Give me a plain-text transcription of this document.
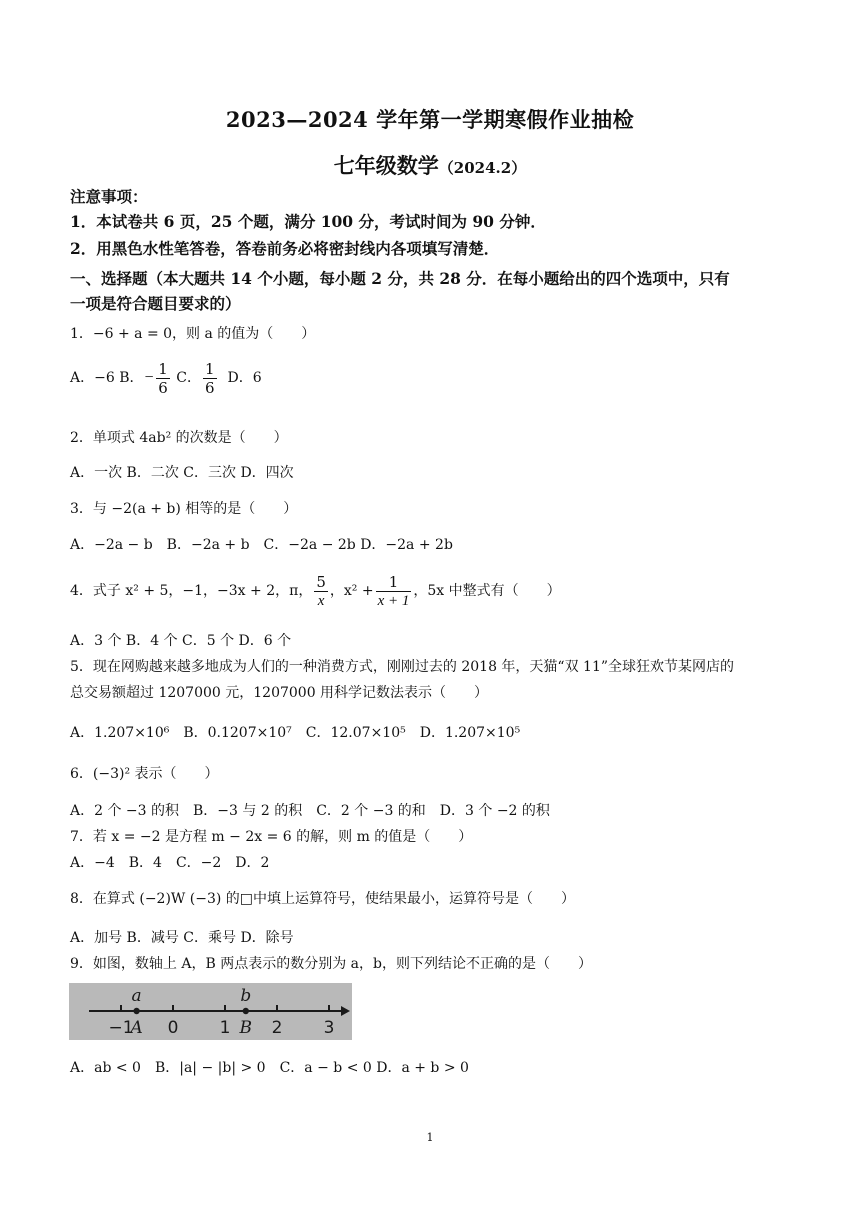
2023—2024 学年第一学期寒假作业抽检
七年级数学（2024.2）
注意事项：
1．本试卷共 6 页，25 个题，满分 100 分，考试时间为 90 分钟．
2．用黑色水性笔答卷，答卷前务必将密封线内各项填写清楚．
一、选择题（本大题共 14 个小题，每小题 2 分，共 28 分．在每小题给出的四个选项中，只有
一项是符合题目要求的）
1．−6 + a = 0，则 a 的值为（　　）
A．−6 B．− $\frac{1}{6}$ C． $\frac{1}{6}$ D．6
2．单项式 4ab² 的次数是（　　）
A．一次 B．二次 C．三次 D．四次
3．与 −2(a + b) 相等的是（　　）
A．−2a − b　B．−2a + b　C．−2a − 2b D．−2a + 2b
4．式子 x² + 5，−1，−3x + 2，π， $\frac{5}{x}$ ，$x^2 + \frac{1}{x + 1}$ ，5x 中整式有（　　）
A．3 个 B．4 个 C．5 个 D．6 个
5．现在网购越来越多地成为人们的一种消费方式，刚刚过去的 2018 年，天猫“双 11”全球狂欢节某网店的
总交易额超过 1207000 元，1207000 用科学记数法表示（　　）
A．1.207×10⁶　B．0.1207×10⁷　C．12.07×10⁵　D．1.207×10⁵
6．(−3)² 表示（　　）
A．2 个 −3 的积　B．−3 与 2 的积　C．2 个 −3 的和　D．3 个 −2 的积
7．若 x = −2 是方程 m − 2x = 6 的解，则 m 的值是（　　）
A．−4　B．4　C．−2　D．2
8．在算式 (−2)W (−3) 的□中填上运算符号，使结果最小，运算符号是（　　）
A．加号 B．减号 C．乘号 D．除号
9．如图，数轴上 A，B 两点表示的数分别为 a，b，则下列结论不正确的是（　　）
−1 0 1 2 3
a
A
b
B
A．ab < 0　B．|a| − |b| > 0　C．a − b < 0 D．a + b > 0
1
